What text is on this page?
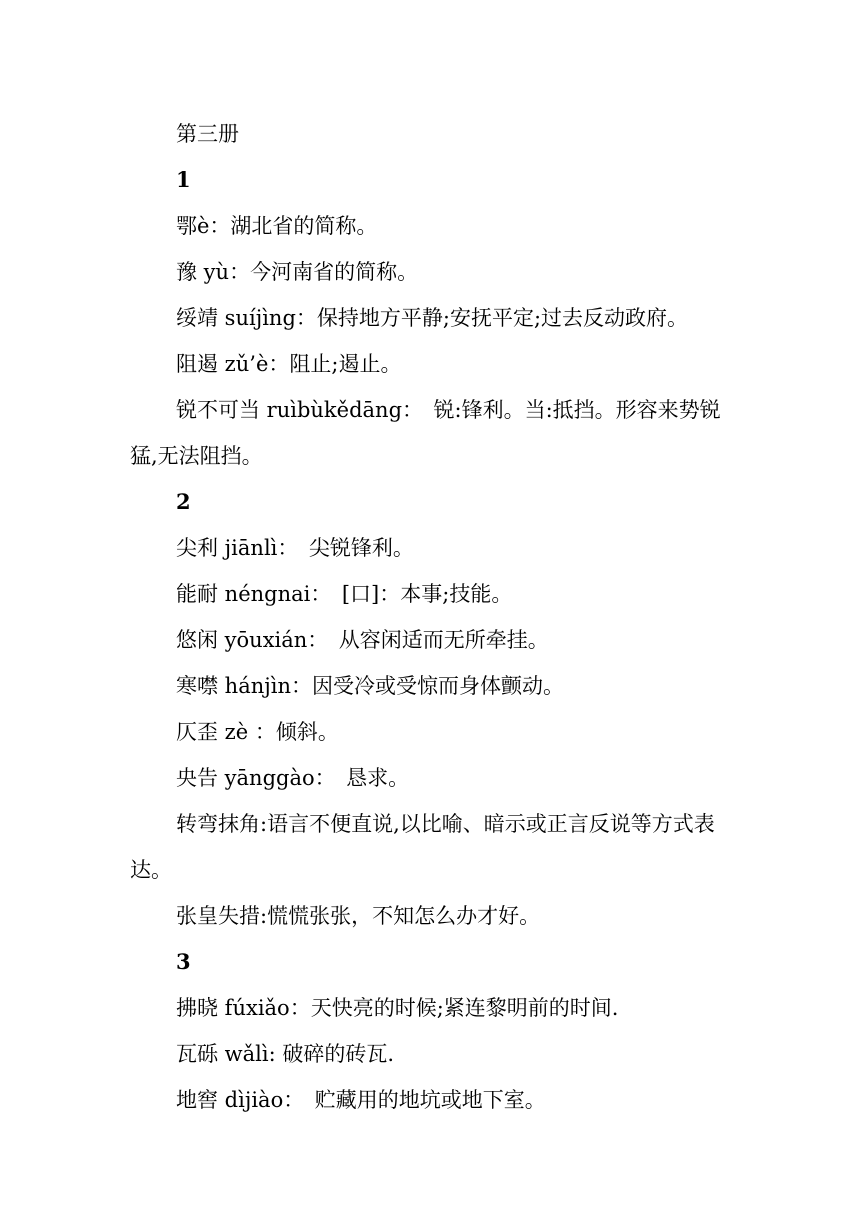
第三册
1
鄂è：湖北省的简称。
豫 yù：今河南省的简称。
绥靖 suíjìng：保持地方平静;安抚平定;过去反动政府。
阻遏 zǔ’è：阻止;遏止。
锐不可当 ruìbùkědāng：　锐:锋利。当:抵挡。形容来势锐猛,无法阻挡。
2
尖利 jiānlì：　尖锐锋利。
能耐 néngnai：　[口]：本事;技能。
悠闲 yōuxián：　从容闲适而无所牵挂。
寒噤 hánjìn：因受冷或受惊而身体颤动。
仄歪 zè ：倾斜。
央告 yānggào：　恳求。
转弯抹角:语言不便直说,以比喻、暗示或正言反说等方式表达。
张皇失措:慌慌张张，不知怎么办才好。
3
拂晓 fúxiǎo：天快亮的时候;紧连黎明前的时间.
瓦砾 wǎlì: 破碎的砖瓦.
地窖 dìjiào：　贮藏用的地坑或地下室。
